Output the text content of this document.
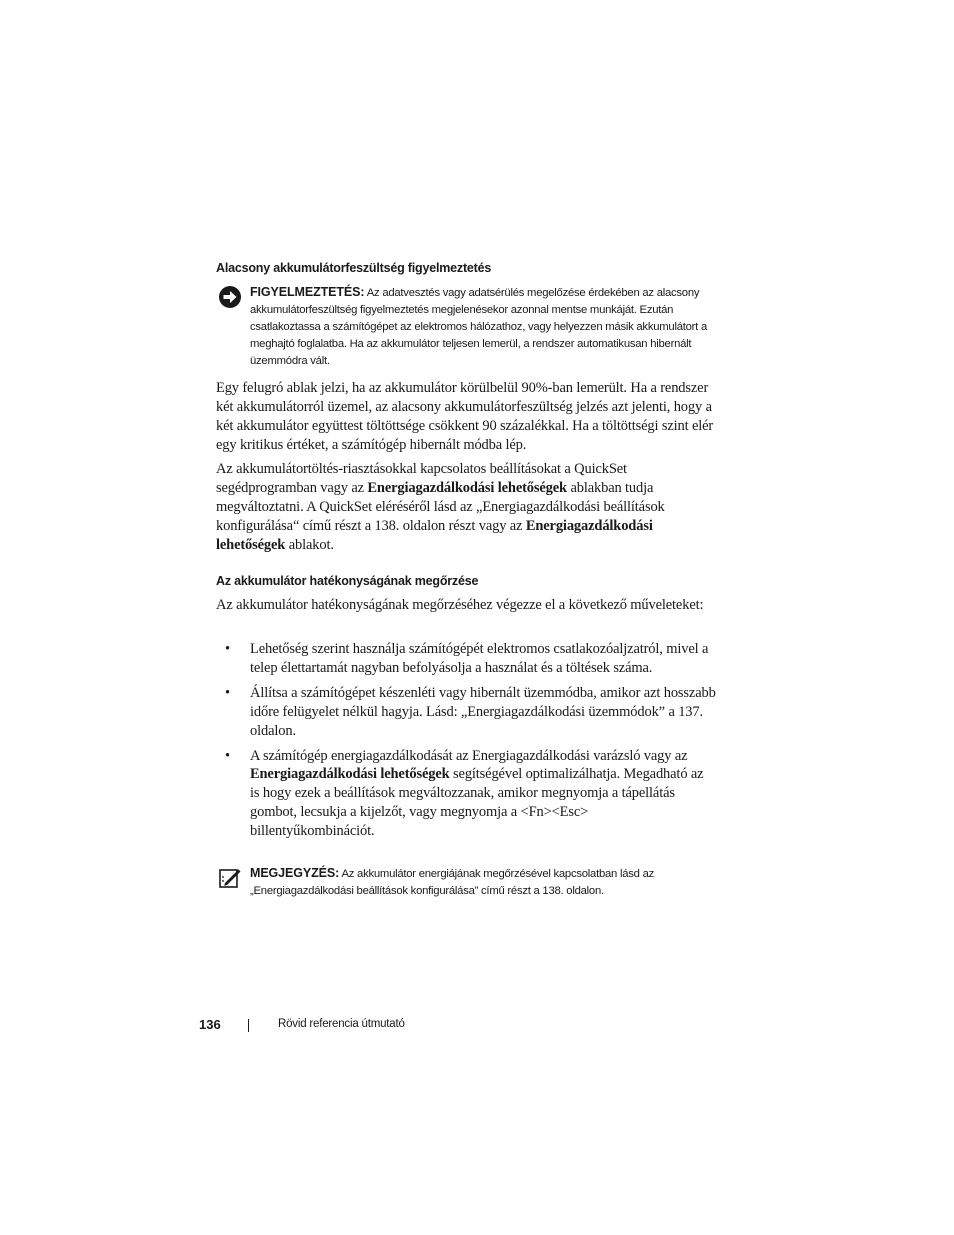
Alacsony akkumulátorfeszültség figyelmeztetés
FIGYELMEZTETÉS: Az adatvesztés vagy adatsérülés megelőzése érdekében az alacsony akkumulátorfeszültség figyelmeztetés megjelenésekor azonnal mentse munkáját. Ezután csatlakoztassa a számítógépet az elektromos hálózathoz, vagy helyezzen másik akkumulátort a meghajtó foglalatba. Ha az akkumulátor teljesen lemerül, a rendszer automatikusan hibernált üzemmódra vált.

Egy felugró ablak jelzi, ha az akkumulátor körülbelül 90%-ban lemerült. Ha a rendszer két akkumulátorról üzemel, az alacsony akkumulátorfeszültség jelzés azt jelenti, hogy a két akkumulátor együttest töltöttsége csökkent 90 százalékkal. Ha a töltöttségi szint elér egy kritikus értéket, a számítógép hibernált módba lép.

Az akkumulátortöltés-riasztásokkal kapcsolatos beállításokat a QuickSet segédprogramban vagy az Energiagazdálkodási lehetőségek ablakban tudja megváltoztatni. A QuickSet eléréséről lásd az „Energiagazdálkodási beállítások konfigurálása“ című részt a 138. oldalon részt vagy az Energiagazdálkodási lehetőségek ablakot.

Az akkumulátor hatékonyságának megőrzése

Az akkumulátor hatékonyságának megőrzéséhez végezze el a következő műveleteket:

• Lehetőség szerint használja számítógépét elektromos csatlakozóaljzatról, mivel a telep élettartamát nagyban befolyásolja a használat és a töltések száma.
• Állítsa a számítógépet készenléti vagy hibernált üzemmódba, amikor azt hosszabb időre felügyelet nélkül hagyja. Lásd: „Energiagazdálkodási üzemmódok” a 137. oldalon.
• A számítógép energiagazdálkodását az Energiagazdálkodási varázsló vagy az Energiagazdálkodási lehetőségek segítségével optimalizálhatja. Megadható az is hogy ezek a beállítások megváltozzanak, amikor megnyomja a tápellátás gombot, lecsukja a kijelzőt, vagy megnyomja a <Fn><Esc> billentyűkombinációt.
MEGJEGYZÉS: Az akkumulátor energiájának megőrzésével kapcsolatban lásd az „Energiagazdálkodási beállítások konfigurálása” című részt a 138. oldalon.
136	Rövid referencia útmutató
